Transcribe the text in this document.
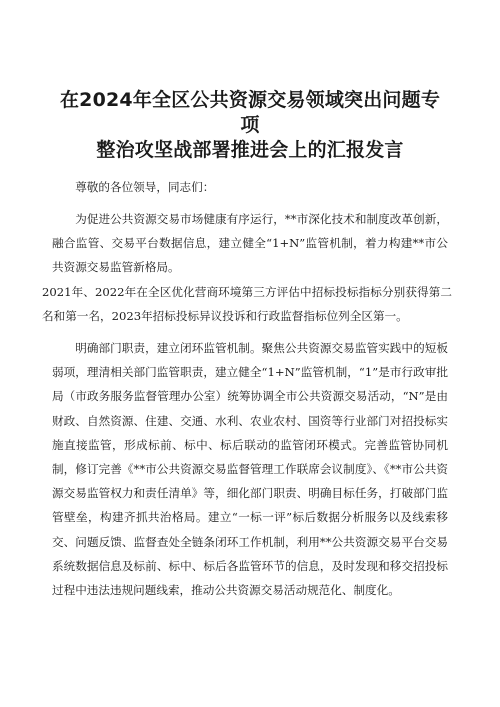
在2024年全区公共资源交易领域突出问题专项
整治攻坚战部署推进会上的汇报发言

尊敬的各位领导，同志们：

为促进公共资源交易市场健康有序运行，**市深化技术和制度改革创新，融合监管、交易平台数据信息，建立健全“1+N”监管机制，着力构建**市公共资源交易监管新格局。

2021年、2022年在全区优化营商环境第三方评估中招标投标指标分别获得第二名和第一名，2023年招标投标异议投诉和行政监督指标位列全区第一。

明确部门职责，建立闭环监管机制。聚焦公共资源交易监管实践中的短板弱项，理清相关部门监管职责，建立健全“1+N”监管机制，“1”是市行政审批局（市政务服务监督管理办公室）统筹协调全市公共资源交易活动，“N”是由财政、自然资源、住建、交通、水利、农业农村、国资等行业部门对招投标实施直接监管，形成标前、标中、标后联动的监管闭环模式。完善监管协同机制，修订完善《**市公共资源交易监督管理工作联席会议制度》、《**市公共资源交易监管权力和责任清单》等，细化部门职责、明确目标任务，打破部门监管壁垒，构建齐抓共治格局。建立“一标一评”标后数据分析服务以及线索移交、问题反馈、监督查处全链条闭环工作机制，利用**公共资源交易平台交易系统数据信息及标前、标中、标后各监管环节的信息，及时发现和移交招投标过程中违法违规问题线索，推动公共资源交易活动规范化、制度化。
